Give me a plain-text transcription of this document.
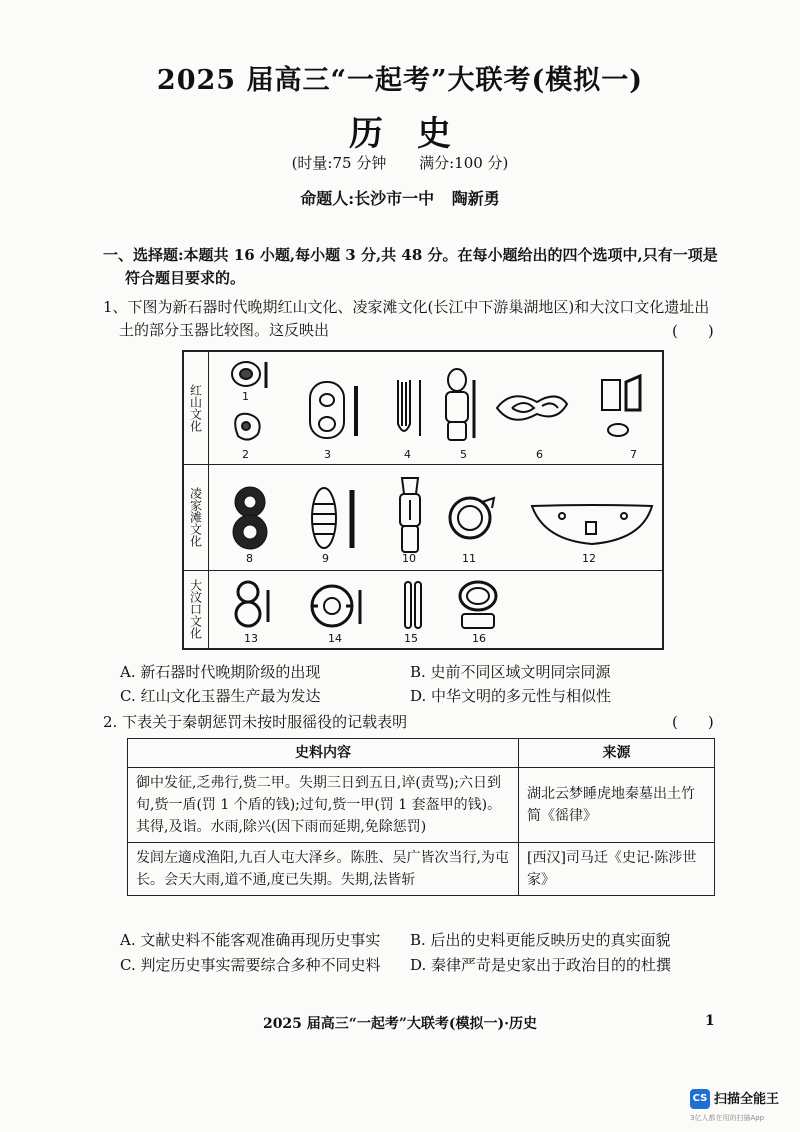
2025 届高三“一起考”大联考(模拟一)
历史
(时量:75 分钟 满分:100 分)
命题人:长沙市一中 陶新勇
一、选择题:本题共 16 小题,每小题 3 分,共 48 分。在每小题给出的四个选项中,只有一项是
符合题目要求的。
1、下图为新石器时代晚期红山文化、凌家滩文化(长江中下游巢湖地区)和大汶口文化遗址出
土的部分玉器比较图。这反映出	(　　)
红山文化	1
2	3	4	5	6	7
凌家滩文化
8	9	10	11	12
大汶口文化	13	14	15	16
A. 新石器时代晚期阶级的出现	B. 史前不同区域文明同宗同源
C. 红山文化玉器生产最为发达	D. 中华文明的多元性与相似性
2. 下表关于秦朝惩罚未按时服徭役的记载表明	(　　)
史料内容	来源
御中发征,乏弗行,赀二甲。失期三日到五日,谇(责骂);六日到旬,赀一盾(罚 1 个盾的钱);过旬,赀一甲(罚 1 套盔甲的钱)。其得,及诣。水雨,除兴(因下雨而延期,免除惩罚)	湖北云梦睡虎地秦墓出土竹简《徭律》
发闾左適戍渔阳,九百人屯大泽乡。陈胜、吴广皆次当行,为屯长。会天大雨,道不通,度已失期。失期,法皆斩	[西汉]司马迁《史记·陈涉世家》
A. 文献史料不能客观准确再现历史事实 B. 后出的史料更能反映历史的真实面貌
C. 判定历史事实需要综合多种不同史料 D. 秦律严苛是史家出于政治目的的杜撰
2025 届高三“一起考”大联考(模拟一)·历史	1
CS 扫描全能王
3亿人都在用的扫描App
